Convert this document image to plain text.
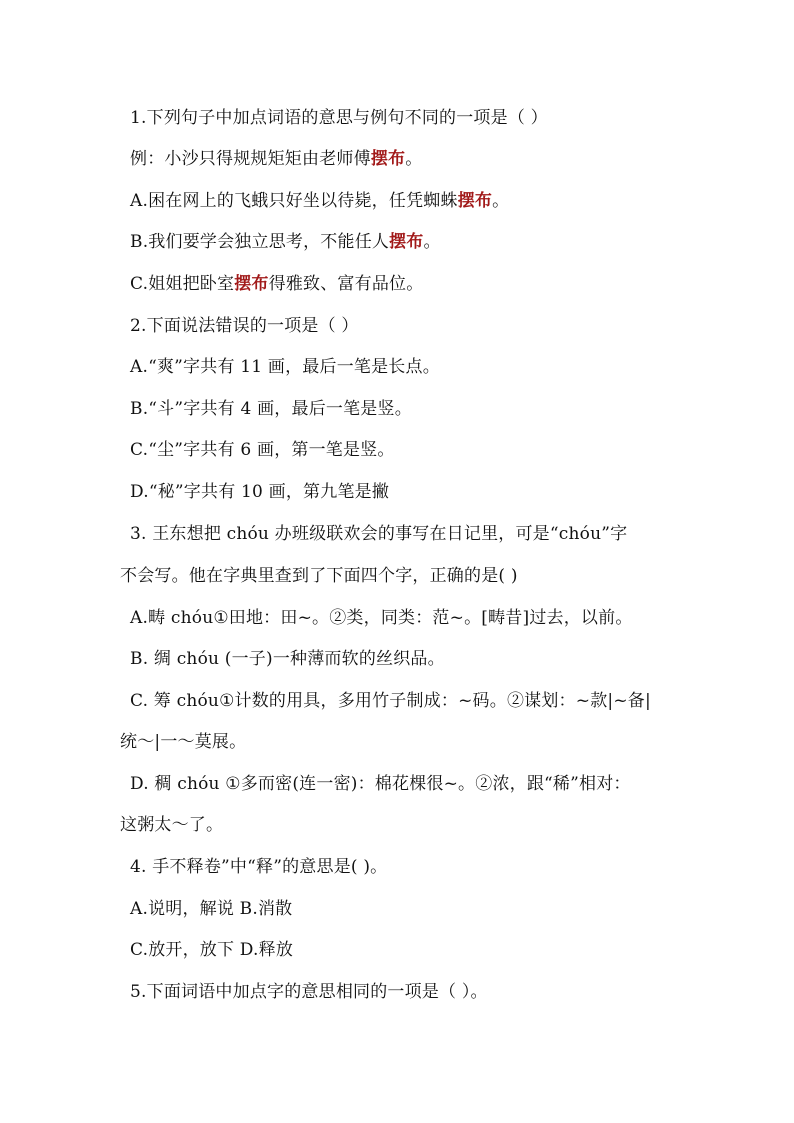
1.下列句子中加点词语的意思与例句不同的一项是（ ）
例：小沙只得规规矩矩由老师傅摆布。
A.困在网上的飞蛾只好坐以待毙，任凭蜘蛛摆布。
B.我们要学会独立思考，不能任人摆布。
C.姐姐把卧室摆布得雅致、富有品位。
2.下面说法错误的一项是（ ）
A.“爽”字共有 11 画，最后一笔是长点。
B.“斗”字共有 4 画，最后一笔是竖。
C.“尘”字共有 6 画，第一笔是竖。
D.“秘”字共有 10 画，第九笔是撇
3. 王东想把 chóu 办班级联欢会的事写在日记里，可是“chóu”字
不会写。他在字典里查到了下面四个字，正确的是( )
A.畴 chóu①田地：田~。②类，同类：范~。[畴昔]过去，以前。
B. 绸 chóu (一子)一种薄而软的丝织品。
C. 筹 chóu①计数的用具，多用竹子制成：~码。②谋划：~款|~备|
统～|一～莫展。
D. 稠 chóu ①多而密(连一密)：棉花棵很~。②浓，跟“稀”相对：
这粥太～了。
4. 手不释卷”中“释”的意思是( )。
A.说明，解说 B.消散
C.放开，放下 D.释放
5.下面词语中加点字的意思相同的一项是（ ）。
